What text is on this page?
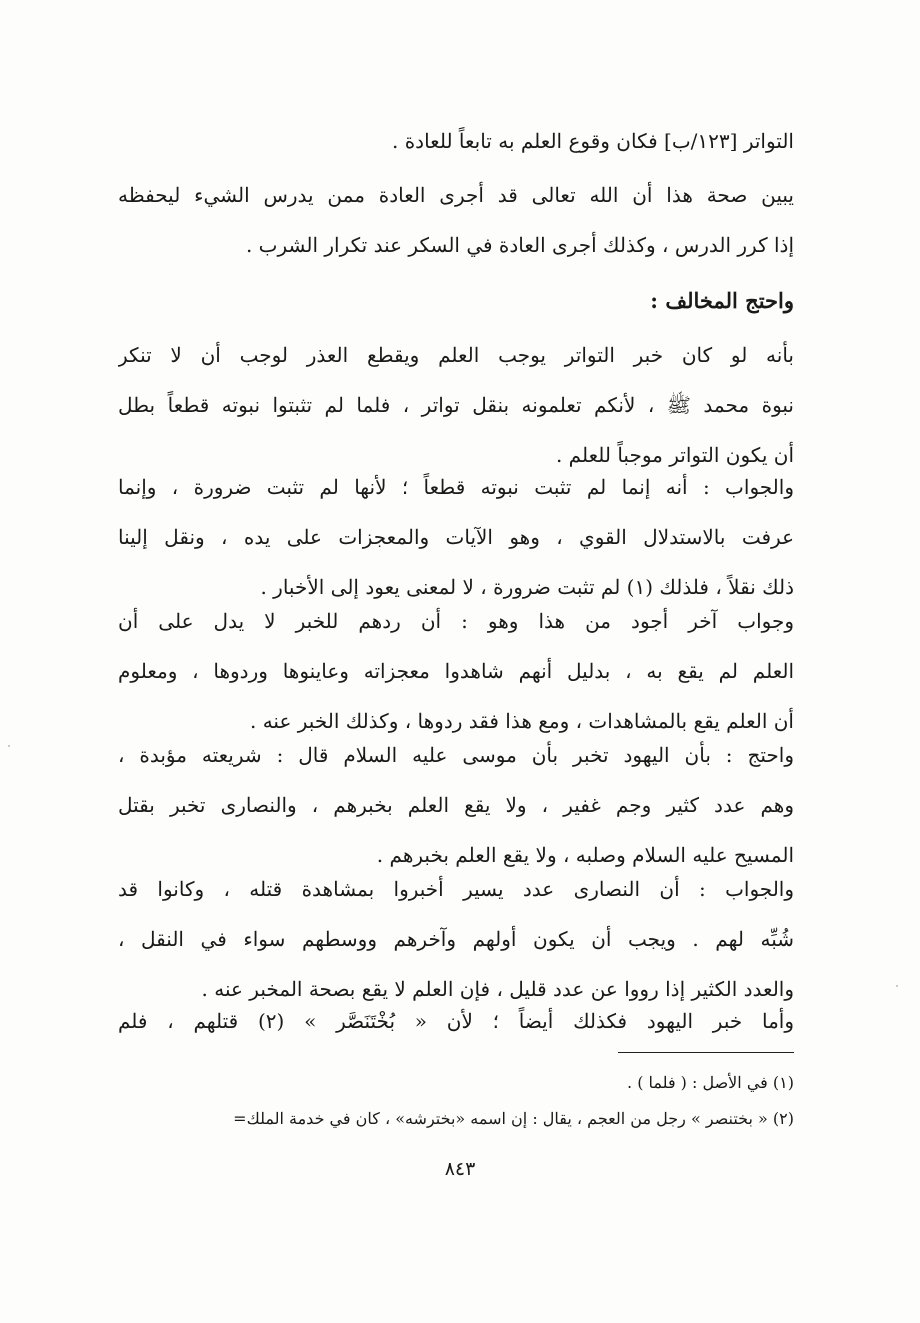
التواتر [١٢٣/ب] فكان وقوع العلم به تابعاً للعادة .
يبين صحة هذا أن الله تعالى قد أجرى العادة ممن يدرس الشيء ليحفظه
إذا كرر الدرس ، وكذلك أجرى العادة في السكر عند تكرار الشرب .
واحتج المخالف :
بأنه لو كان خبر التواتر يوجب العلم ويقطع العذر لوجب أن لا تنكر
نبوة محمد ﷺ ، لأنكم تعلمونه بنقل تواتر ، فلما لم تثبتوا نبوته قطعاً بطل
أن يكون التواتر موجباً للعلم .
والجواب : أنه إنما لم تثبت نبوته قطعاً ؛ لأنها لم تثبت ضرورة ، وإنما
عرفت بالاستدلال القوي ، وهو الآيات والمعجزات على يده ، ونقل إلينا
ذلك نقلاً ، فلذلك (١) لم تثبت ضرورة ، لا لمعنى يعود إلى الأخبار .
وجواب آخر أجود من هذا وهو : أن ردهم للخبر لا يدل على أن
العلم لم يقع به ، بدليل أنهم شاهدوا معجزاته وعاينوها وردوها ، ومعلوم
أن العلم يقع بالمشاهدات ، ومع هذا فقد ردوها ، وكذلك الخبر عنه .
واحتج : بأن اليهود تخبر بأن موسى عليه السلام قال : شريعته مؤبدة ،
وهم عدد كثير وجم غفير ، ولا يقع العلم بخبرهم ، والنصارى تخبر بقتل
المسيح عليه السلام وصلبه ، ولا يقع العلم بخبرهم .
والجواب : أن النصارى عدد يسير أخبروا بمشاهدة قتله ، وكانوا قد
شُبِّه لهم . ويجب أن يكون أولهم وآخرهم ووسطهم سواء في النقل ،
والعدد الكثير إذا رووا عن عدد قليل ، فإن العلم لا يقع بصحة المخبر عنه .
وأما خبر اليهود فكذلك أيضاً ؛ لأن « بُخْتَنَصَّر » (٢) قتلهم ، فلم
(١) في الأصل : ( فلما ) .
(٢) « بختنصر » رجل من العجم ، يقال : إن اسمه «بخترشه» ، كان في خدمة الملك=
٨٤٣
